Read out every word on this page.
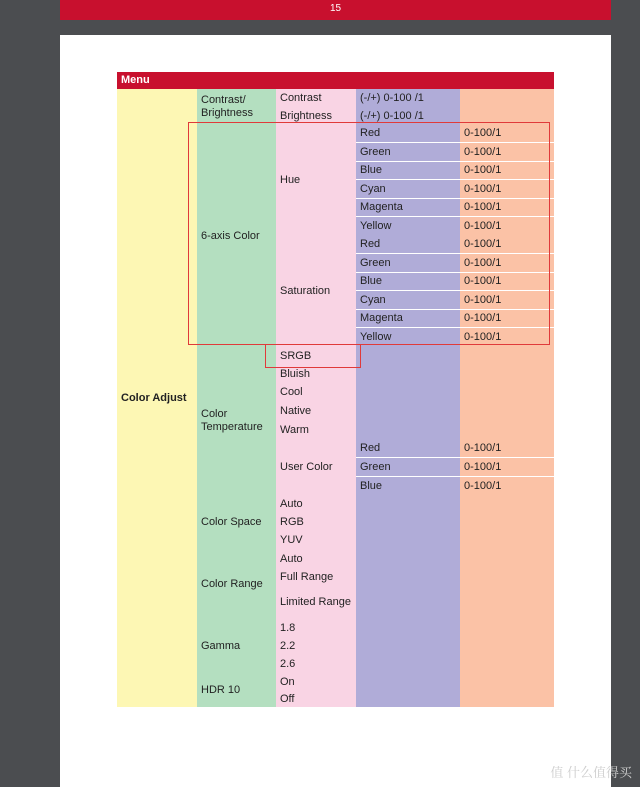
15
Menu
Color Adjust
Contrast/ Brightness
6-axis Color
Color Temperature
Color Space
Color Range
Gamma
HDR 10
Contrast
Brightness
Hue
Saturation
SRGB
Bluish
Cool
Native
Warm
User Color
Auto
RGB
YUV
Auto
Full Range
Limited Range
1.8
2.2
2.6
On
Off
(-/+) 0-100 /1
(-/+) 0-100 /1
Red
Green
Blue
Cyan
Magenta
Yellow
Red
Green
Blue
Cyan
Magenta
Yellow
Red
Green
Blue
0-100/1
0-100/1
0-100/1
0-100/1
0-100/1
0-100/1
0-100/1
0-100/1
0-100/1
0-100/1
0-100/1
0-100/1
0-100/1
0-100/1
0-100/1
值 什么值得买
